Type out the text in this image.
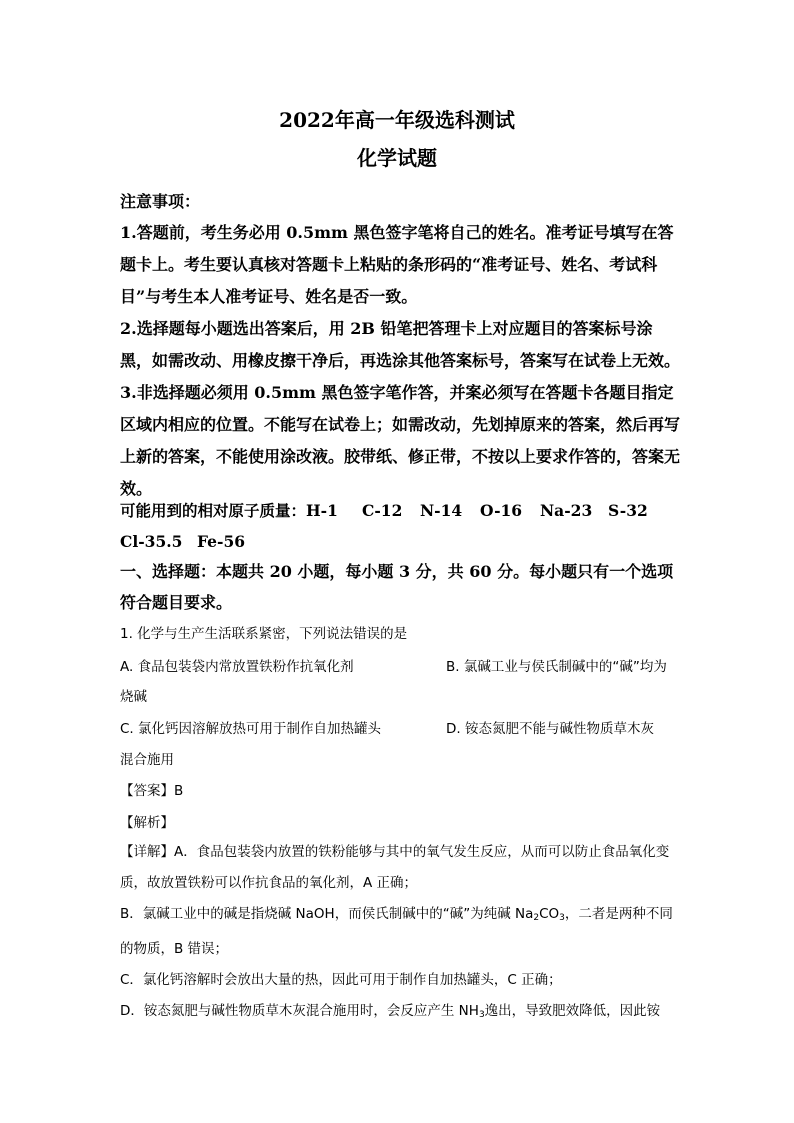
2022年高一年级选科测试
化学试题
注意事项：

1.答题前，考生务必用 0.5mm 黑色签字笔将自己的姓名。准考证号填写在答题卡上。考生要认真核对答题卡上粘贴的条形码的“准考证号、姓名、考试科目”与考生本人准考证号、姓名是否一致。

2.选择题每小题选出答案后，用 2B 铅笔把答理卡上对应题目的答案标号涂黑，如需改动、用橡皮擦干净后，再选涂其他答案标号，答案写在试卷上无效。

3.非选择题必须用 0.5mm 黑色签字笔作答，并案必须写在答题卡各题目指定区域内相应的位置。不能写在试卷上；如需改动，先划掉原来的答案，然后再写上新的答案，不能使用涂改液。胶带纸、修正带，不按以上要求作答的，答案无效。

可能用到的相对原子质量： H-1	C-12	N-14	O-16	Na-23	S-32
Cl-35.5 Fe-56
一、选择题：本题共 20 小题，每小题 3 分，共 60 分。每小题只有一个选项符合题目要求。
1. 化学与生产生活联系紧密，下列说法错误的是
A. 食品包装袋内常放置铁粉作抗氧化剂	B. 氯碱工业与侯氏制碱中的“碱”均为
烧碱
C. 氯化钙因溶解放热可用于制作自加热罐头	D. 铵态氮肥不能与碱性物质草木灰
混合施用
【答案】B
【解析】

【详解】A．食品包装袋内放置的铁粉能够与其中的氧气发生反应，从而可以防止食品氧化变质，故放置铁粉可以作抗食品的氧化剂，A 正确；

B．氯碱工业中的碱是指烧碱 NaOH，而侯氏制碱中的“碱”为纯碱 $Na_2CO_3$，二者是两种不同的物质，B 错误；

C．氯化钙溶解时会放出大量的热，因此可用于制作自加热罐头，C 正确；

D．铵态氮肥与碱性物质草木灰混合施用时，会反应产生 $NH_3$逸出，导致肥效降低，因此铵
